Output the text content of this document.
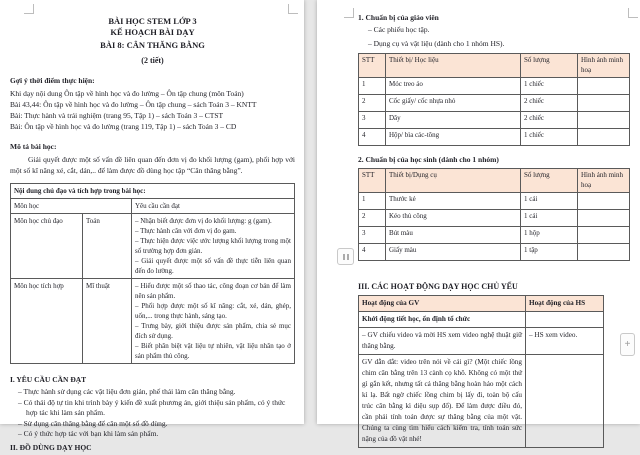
BÀI HỌC STEM LỚP 3
KẾ HOẠCH BÀI DẠY
BÀI 8: CÂN THĂNG BẰNG
(2 tiết)
Gợi ý thời điểm thực hiện:
Khi dạy nội dung Ôn tập về hình học và đo lường – Ôn tập chung (môn Toán)
Bài 43,44: Ôn tập về hình học và đo lường – Ôn tập chung – sách Toán 3 – KNTT
Bài: Thực hành và trải nghiệm (trang 95, Tập 1) – sách Toán 3 – CTST
Bài: Ôn tập về hình học và đo lường (trang 119, Tập 1) – sách Toán 3 – CD
Mô tả bài học:
Giải quyết được một số vấn đề liên quan đến đơn vị đo khối lượng (gam), phối hợp với một số kĩ năng xé, cắt, dán,.. để làm được đồ dùng học tập “Cân thăng bằng”.
Nội dung chủ đạo và tích hợp trong bài học:		
Môn học		Yêu cầu cần đạt
Môn học chủ đạo	Toán	– Nhận biết được đơn vị đo khối lượng: g (gam).
– Thực hành cân với đơn vị đo gam.
– Thực hiện được việc ước lượng khối lượng trong một số trường hợp đơn giản.
– Giải quyết được một số vấn đề thực tiễn liên quan đến đo lường.

Môn học tích hợp	Mĩ thuật	– Hiểu được một số thao tác, công đoạn cơ bản để làm nên sản phẩm.
– Phối hợp được một số kĩ năng: cắt, xé, dán, ghép, uốn,... trong thực hành, sáng tạo.
– Trưng bày, giới thiệu được sản phẩm, chia sẻ mục đích sử dụng.
– Biết phân biệt vật liệu tự nhiên, vật liệu nhân tạo ở sản phẩm thủ công.
I. YÊU CẦU CẦN ĐẠT
– Thực hành sử dụng các vật liệu đơn giản, phế thải làm cân thăng bằng.
– Có thái độ tự tin khi trình bày ý kiến đề xuất phương án, giới thiệu sản phẩm, có ý thức hợp tác khi làm sản phẩm.
– Sử dụng cân thăng bằng để cân một số đồ dùng.
– Có ý thức hợp tác với bạn khi làm sản phẩm.
II. ĐỒ DÙNG DẠY HỌC
1. Chuẩn bị của giáo viên
– Các phiếu học tập.
– Dụng cụ và vật liệu (dành cho 1 nhóm HS).
STT	Thiết bị/ Học liệu	Số lượng	Hình ảnh minh hoạ
1	Móc treo áo	1 chiếc	
2	Cốc giấy/ cốc nhựa nhỏ	2 chiếc	
3	Dây	2 chiếc	
4	Hộp/ bìa các-tông	1 chiếc	
2. Chuẩn bị của học sinh (dành cho 1 nhóm)
STT	Thiết bị/Dụng cụ	Số lượng	Hình ảnh minh hoạ
1	Thước kẻ	1 cái	
2	Kéo thủ công	1 cái	
3	Bút màu	1 hộp	
4	Giấy màu	1 tập	
III. CÁC HOẠT ĐỘNG DẠY HỌC CHỦ YẾU
Hoạt động của GV	Hoạt động của HS
Khởi động tiết học, ổn định tổ chức	
– GV chiếu video và mời HS xem video nghệ thuật giữ thăng bằng.	– HS xem video.
GV dẫn dắt: video trên nói về cái gì? (Một chiếc lồng chim cân bằng trên 13 cành cọ khô. Không có một thứ gì gắn kết, nhưng tất cả thăng bằng hoàn hảo một cách kì lạ. Bất ngờ chiếc lồng chim bị lấy đi, toàn bộ cấu trúc cân bằng kì diệu sụp đổ). Để làm được điều đó, cần phải tính toán được sự thăng bằng của một vật. Chúng ta cùng tìm hiểu cách kiểm tra, tính toán sức nặng của đồ vật nhé!	
+
